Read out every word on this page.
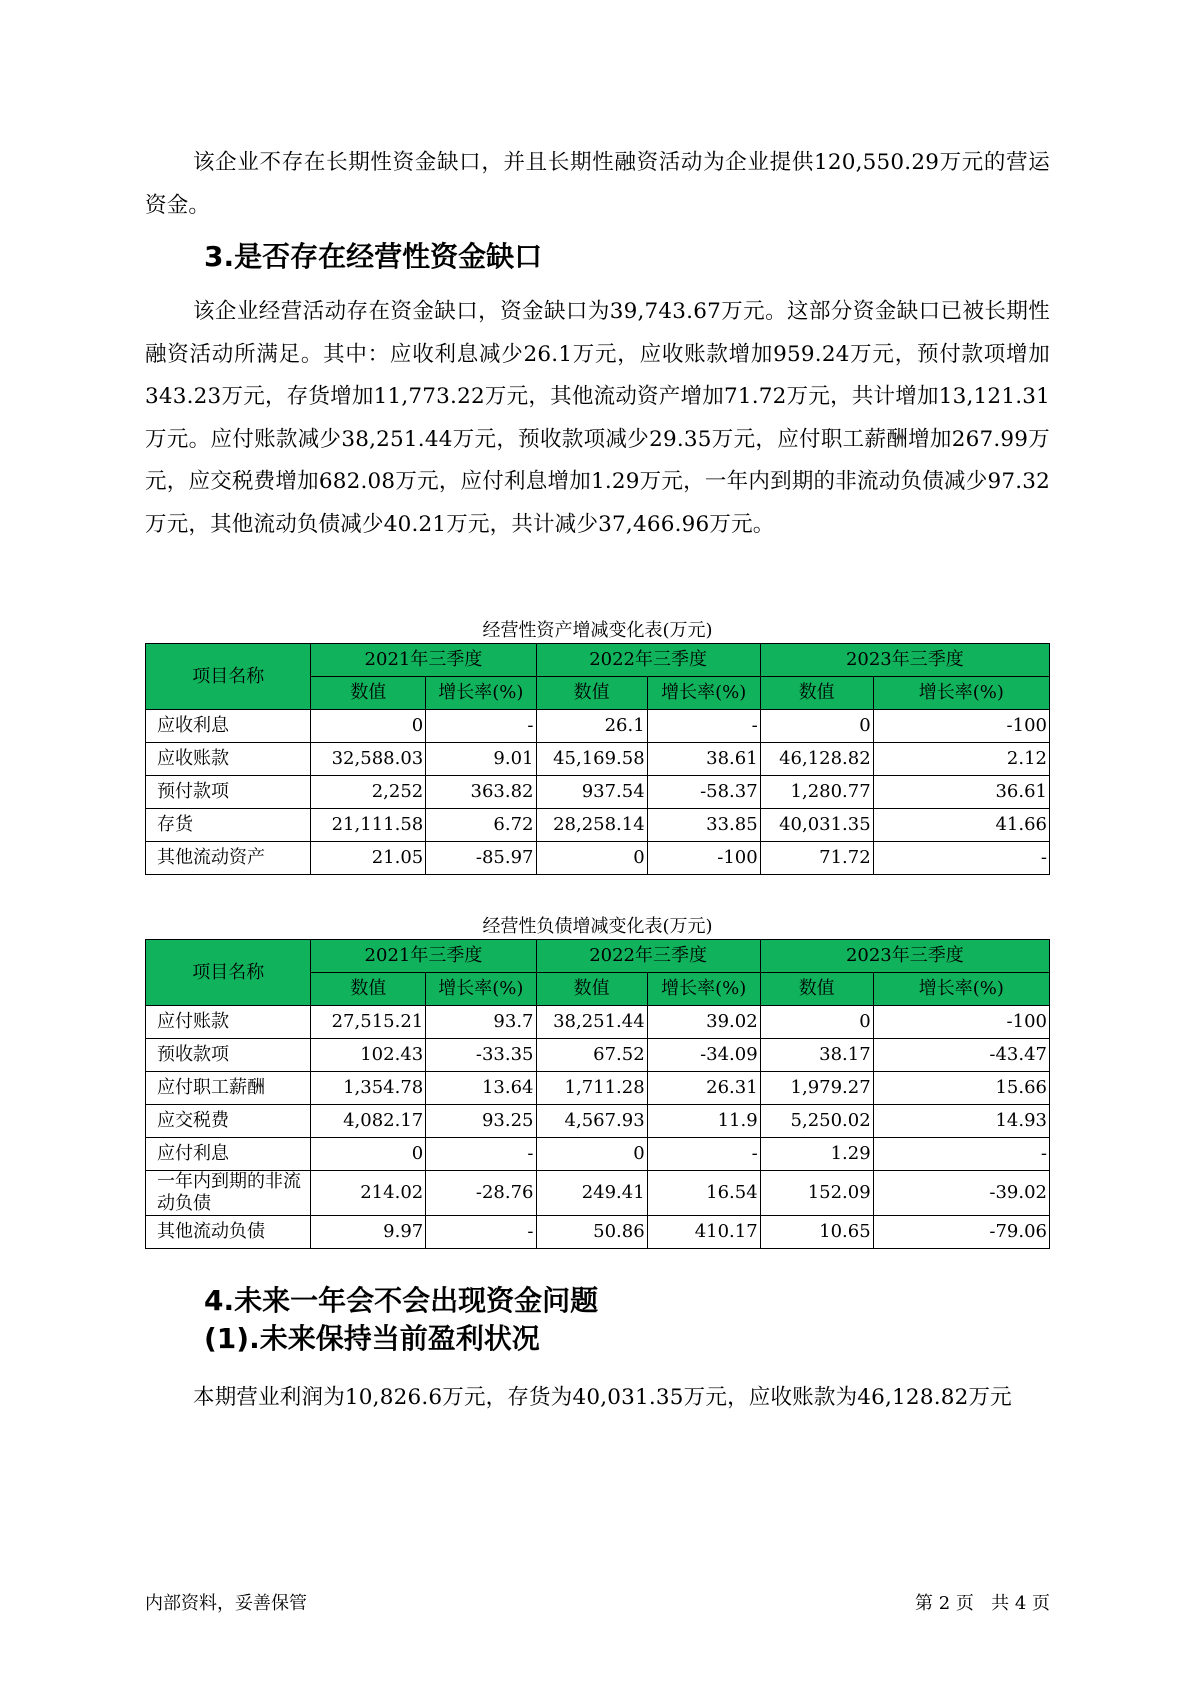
该企业不存在长期性资金缺口，并且长期性融资活动为企业提供120,550.29万元的营运资金。

3.是否存在经营性资金缺口

该企业经营活动存在资金缺口，资金缺口为39,743.67万元。这部分资金缺口已被长期性融资活动所满足。其中：应收利息减少26.1万元，应收账款增加959.24万元，预付款项增加343.23万元，存货增加11,773.22万元，其他流动资产增加71.72万元，共计增加13,121.31万元。应付账款减少38,251.44万元，预收款项减少29.35万元，应付职工薪酬增加267.99万元，应交税费增加682.08万元，应付利息增加1.29万元，一年内到期的非流动负债减少97.32万元，其他流动负债减少40.21万元，共计减少37,466.96万元。

经营性资产增减变化表(万元)

项目名称	2021年三季度		2022年三季度		2023年三季度	
	数值	增长率(%)	数值	增长率(%)	数值	增长率(%)
应收利息	0	-	26.1	-	0	-100
应收账款	32,588.03	9.01	45,169.58	38.61	46,128.82	2.12
预付款项	2,252	363.82	937.54	-58.37	1,280.77	36.61
存货	21,111.58	6.72	28,258.14	33.85	40,031.35	41.66
其他流动资产	21.05	-85.97	0	-100	71.72	-

经营性负债增减变化表(万元)

项目名称	2021年三季度		2022年三季度		2023年三季度	
	数值	增长率(%)	数值	增长率(%)	数值	增长率(%)
应付账款	27,515.21	93.7	38,251.44	39.02	0	-100
预收款项	102.43	-33.35	67.52	-34.09	38.17	-43.47
应付职工薪酬	1,354.78	13.64	1,711.28	26.31	1,979.27	15.66
应交税费	4,082.17	93.25	4,567.93	11.9	5,250.02	14.93
应付利息	0	-	0	-	1.29	-
一年内到期的非流动负债	214.02	-28.76	249.41	16.54	152.09	-39.02
其他流动负债	9.97	-	50.86	410.17	10.65	-79.06
4.未来一年会不会出现资金问题
(1).未来保持当前盈利状况

本期营业利润为10,826.6万元，存货为40,031.35万元，应收账款为46,128.82万元

内部资料，妥善保管	第 2 页   共 4 页
